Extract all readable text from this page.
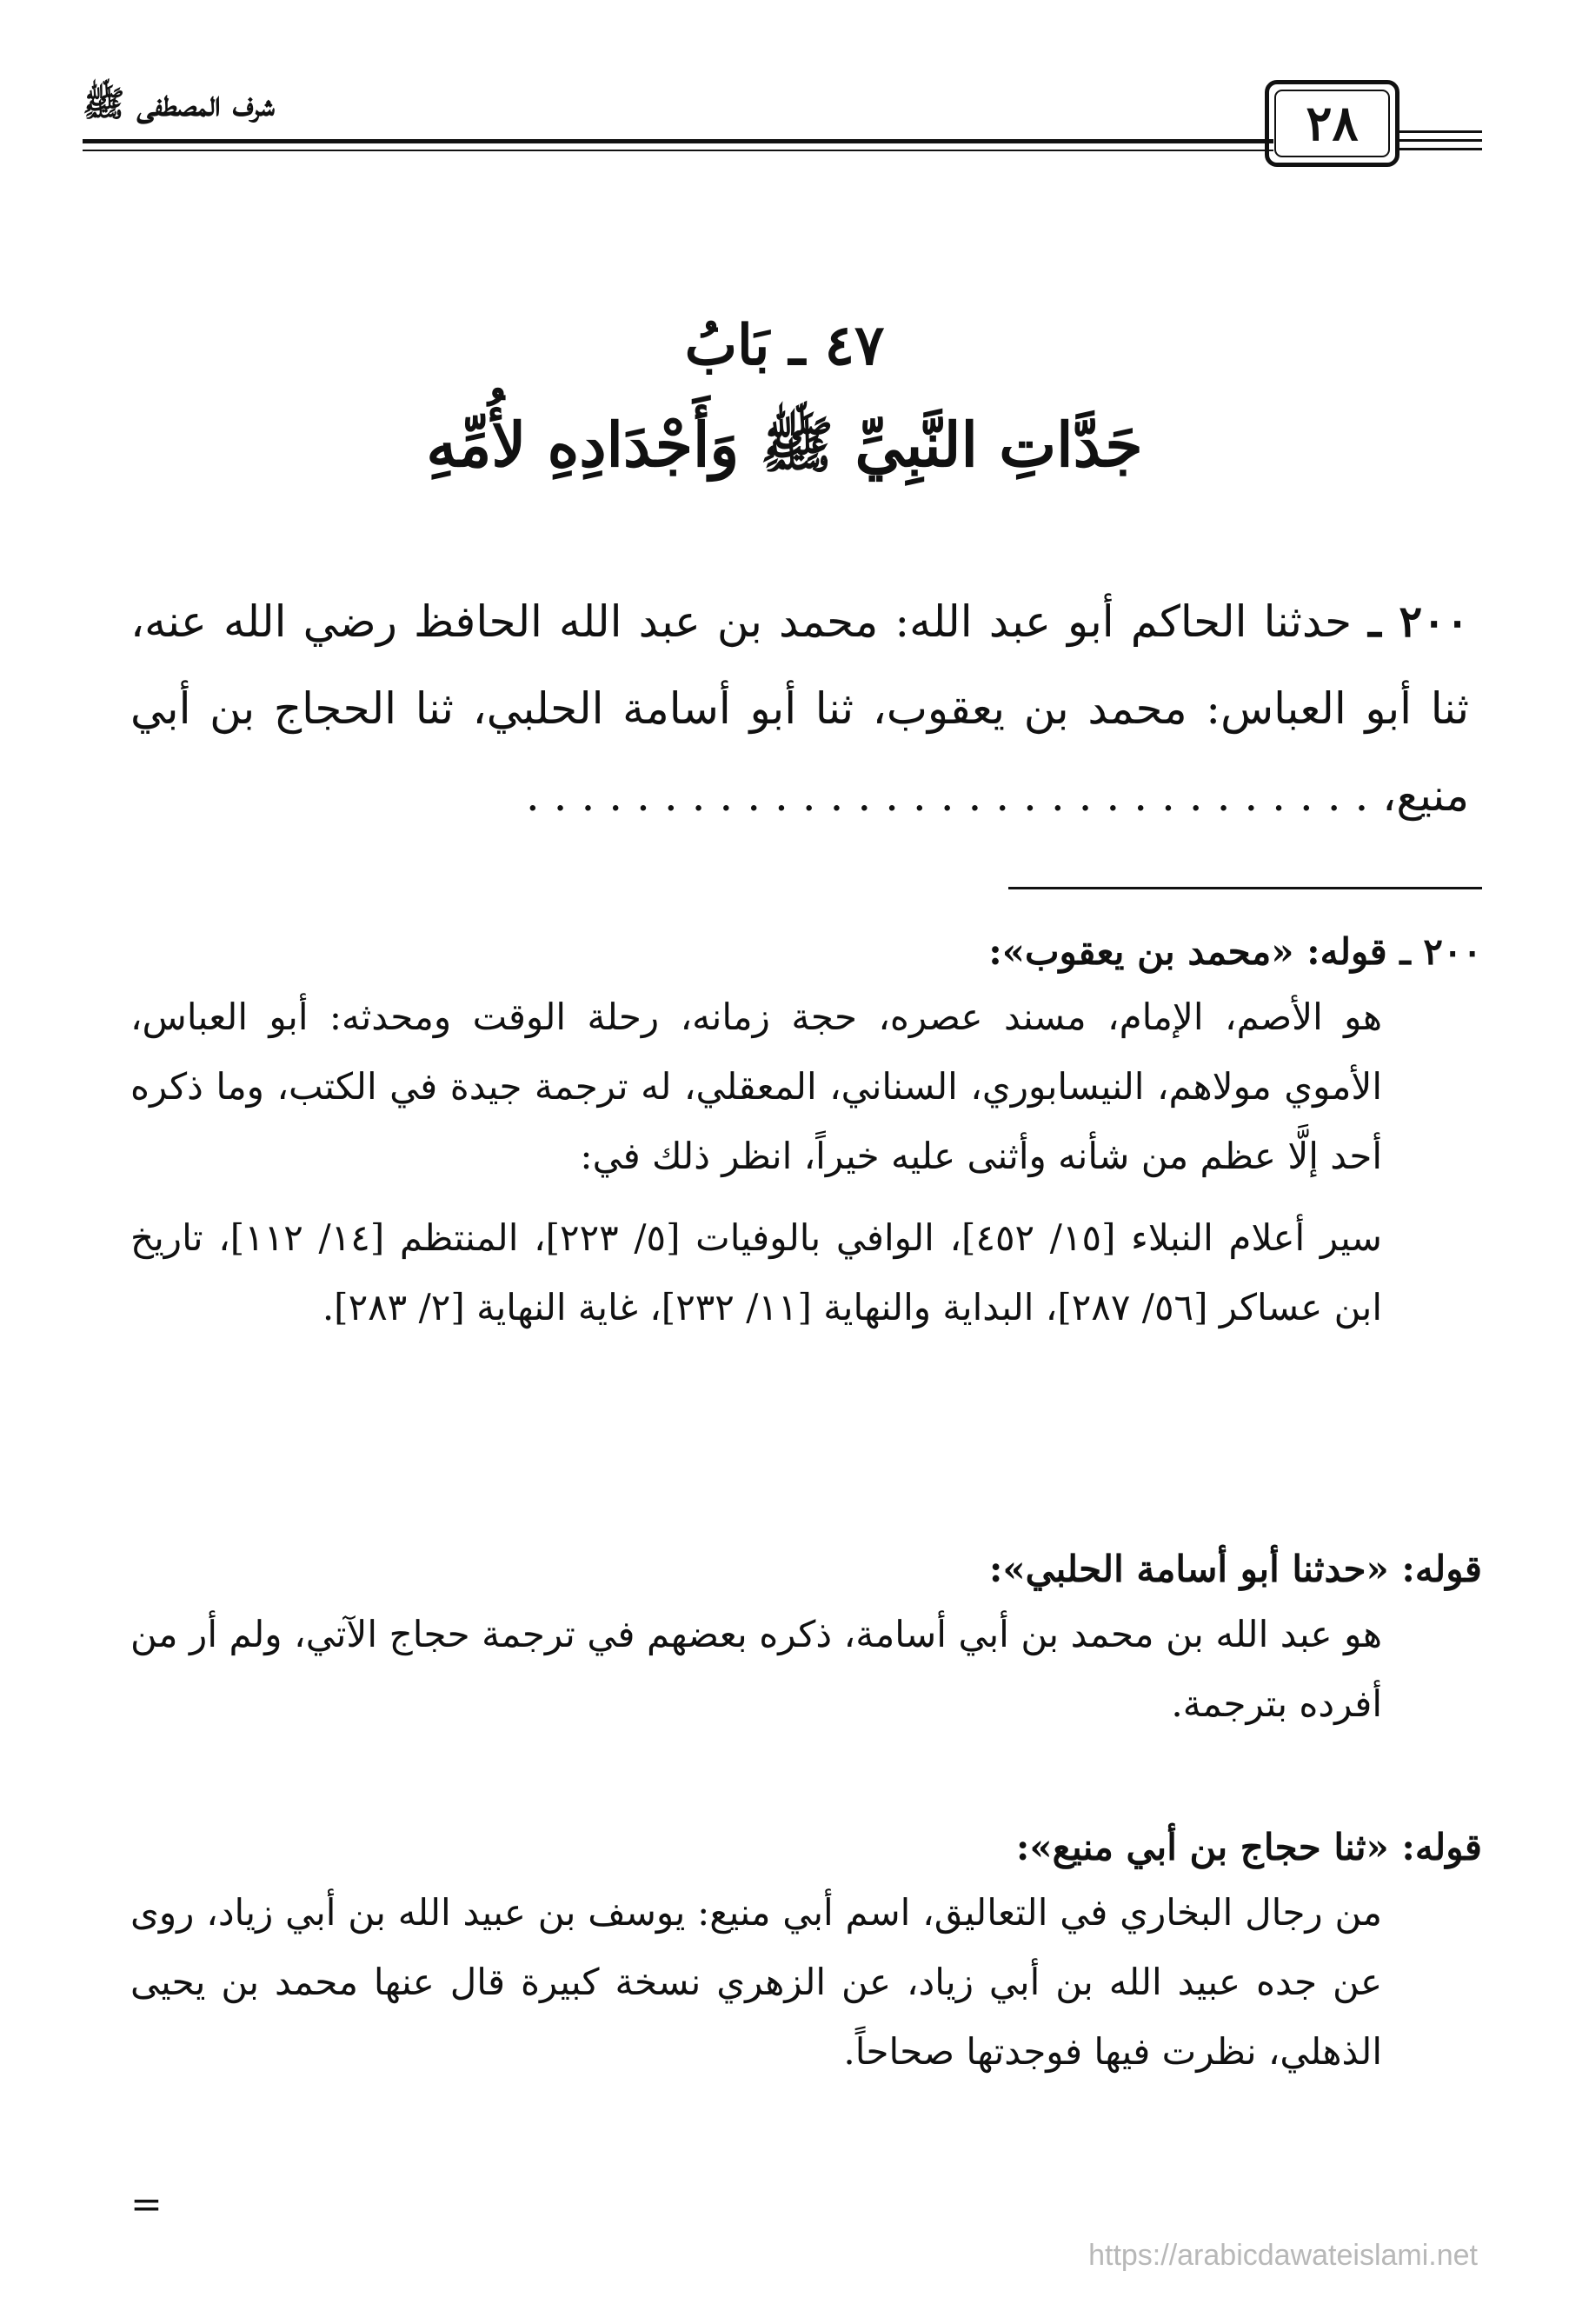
شرف المصطفى ﷺ	٢٨
٤٧ ـ بَابُ
جَدَّاتِ النَّبِيِّ ﷺ وَأَجْدَادِهِ لأُمِّهِ
٢٠٠ ـ حدثنا الحاكم أبو عبد الله: محمد بن عبد الله الحافظ رضي الله عنه، ثنا أبو العباس: محمد بن يعقوب، ثنا أبو أسامة الحلبي، ثنا الحجاج بن أبي منيع، . . . . . . . . . . . . . . . . . . . . . . . . . . . . . . .
٢٠٠ ـ قوله: «محمد بن يعقوب»:

هو الأصم، الإمام، مسند عصره، حجة زمانه، رحلة الوقت ومحدثه: أبو العباس، الأموي مولاهم، النيسابوري، السناني، المعقلي، له ترجمة جيدة في الكتب، وما ذكره أحد إلَّا عظم من شأنه وأثنى عليه خيراً، انظر ذلك في:

سير أعلام النبلاء [١٥/ ٤٥٢]، الوافي بالوفيات [٥/ ٢٢٣]، المنتظم [١٤/ ١١٢]، تاريخ ابن عساكر [٥٦/ ٢٨٧]، البداية والنهاية [١١/ ٢٣٢]، غاية النهاية [٢/ ٢٨٣].

قوله: «حدثنا أبو أسامة الحلبي»:

هو عبد الله بن محمد بن أبي أسامة، ذكره بعضهم في ترجمة حجاج الآتي، ولم أر من أفرده بترجمة.

قوله: «ثنا حجاج بن أبي منيع»:

من رجال البخاري في التعاليق، اسم أبي منيع: يوسف بن عبيد الله بن أبي زياد، روى عن جده عبيد الله بن أبي زياد، عن الزهري نسخة كبيرة قال عنها محمد بن يحيى الذهلي، نظرت فيها فوجدتها صحاحاً.

=
https://arabicdawateislami.net
